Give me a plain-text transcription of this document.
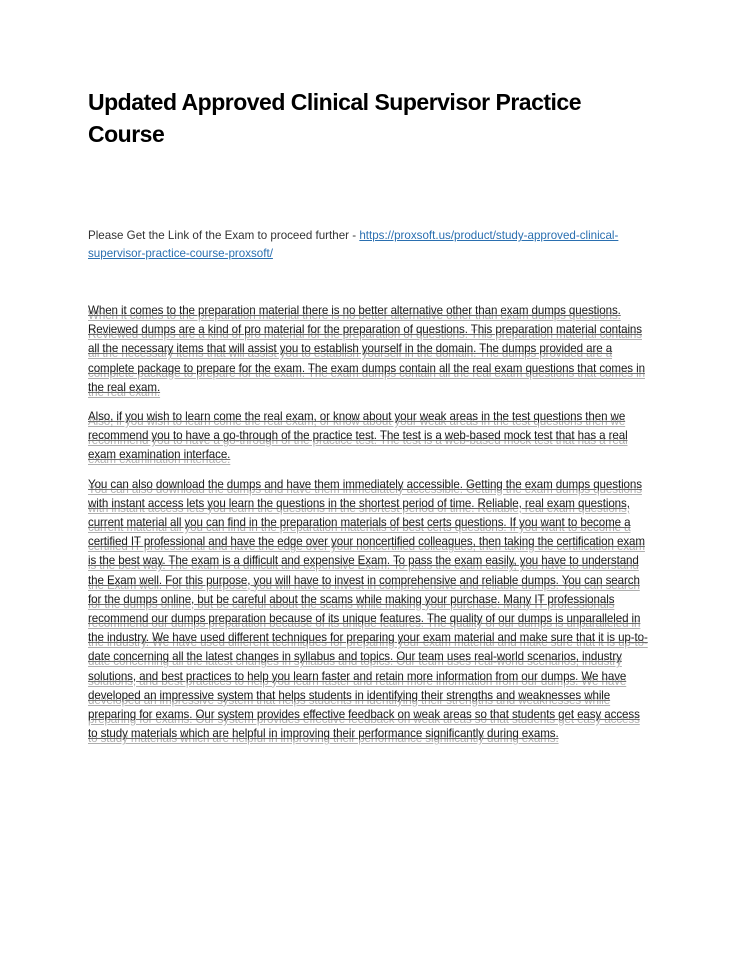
Updated Approved Clinical Supervisor Practice Course

Please Get the Link of the Exam to proceed further - https://proxsoft.us/product/study-approved-clinical-supervisor-practice-course-proxsoft/

When it comes to the preparation material there is no better alternative other than exam dumps questions. Reviewed dumps are a kind of pro material for the preparation of questions. This preparation material contains all the necessary items that will assist you to establish yourself in the domain. The dumps provided are a complete package to prepare for the exam. The exam dumps contain all the real exam questions that comes in the real exam.

Also, if you wish to learn come the real exam, or know about your weak areas in the test questions then we recommend you to have a go-through of the practice test. The test is a web-based mock test that has a real exam examination interface.

You can also download the dumps and have them immediately accessible. Getting the exam dumps questions with instant access lets you learn the questions in the shortest period of time. Reliable, real exam questions, current material all you can find in the preparation materials of best certs questions. If you want to become a certified IT professional and have the edge over your noncertified colleagues, then taking the certification exam is the best way. The exam is a difficult and expensive Exam. To pass the exam easily, you have to understand the Exam well. For this purpose, you will have to invest in comprehensive and reliable dumps. You can search for the dumps online, but be careful about the scams while making your purchase. Many IT professionals recommend our dumps preparation because of its unique features. The quality of our dumps is unparalleled in the industry. We have used different techniques for preparing your exam material and make sure that it is up-to-date concerning all the latest changes in syllabus and topics. Our team uses real-world scenarios, industry solutions, and best practices to help you learn faster and retain more information from our dumps. We have developed an impressive system that helps students in identifying their strengths and weaknesses while preparing for exams. Our system provides effective feedback on weak areas so that students get easy access to study materials which are helpful in improving their performance significantly during exams.
